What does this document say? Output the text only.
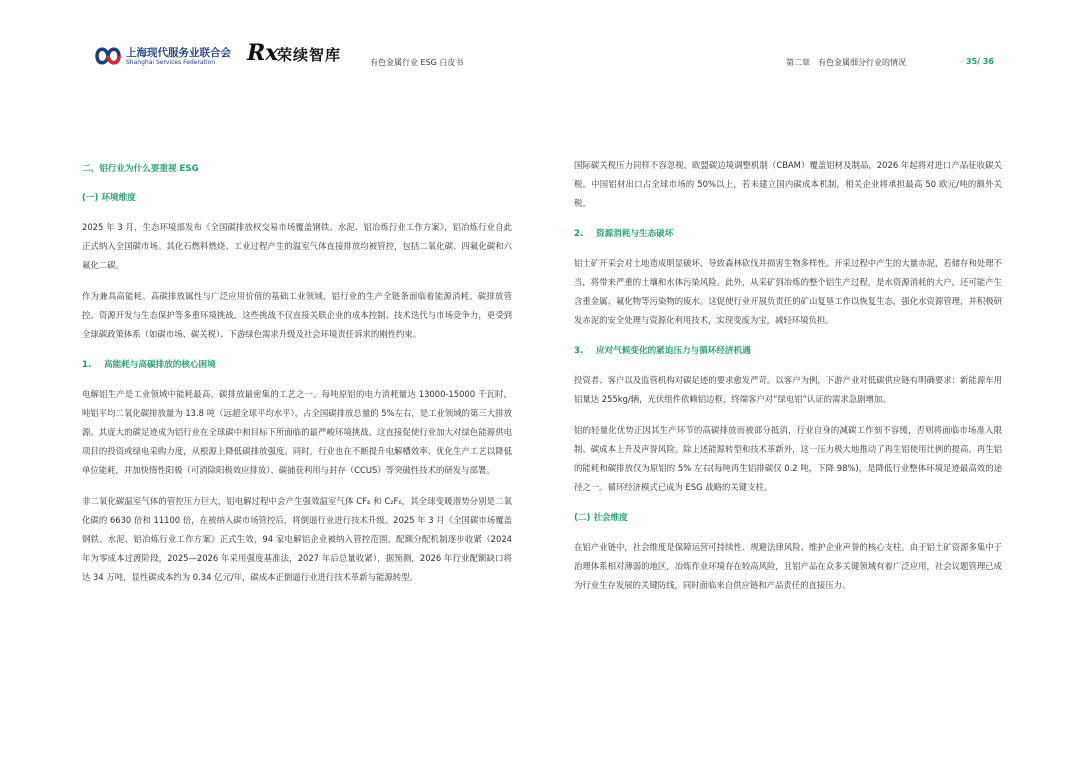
上海现代服务业联合会
Shanghai Services Federation Rx
荣续智库	有色金属行业 ESG 白皮书	第二章　有色金属细分行业的情况	35/ 36
二、铝行业为什么要重视 ESG
(一) 环境维度

2025 年 3 月，生态环境部发布《全国碳排放权交易市场覆盖钢铁、水泥、铝冶炼行业工作方案》，铝冶炼行业自此正式纳入全国碳市场。其化石燃料燃烧、工业过程产生的温室气体直接排放均被管控，包括二氧化碳、四氟化碳和六氟化二碳。

作为兼具高能耗、高碳排放属性与广泛应用价值的基础工业领域，铝行业的生产全链条面临着能源消耗、碳排放管控、资源开发与生态保护等多重环境挑战。这些挑战不仅直接关联企业的成本控制、技术迭代与市场竞争力，更受到全球碳政策体系（如碳市场、碳关税）、下游绿色需求升级及社会环境责任诉求的刚性约束。

1. 高能耗与高碳排放的核心困境

电解铝生产是工业领域中能耗最高、碳排放最密集的工艺之一。每吨原铝的电力消耗量达 13000-15000 千瓦时，吨铝平均二氧化碳排放量为 13.8 吨（远超全球平均水平），占全国碳排放总量的 5%左右，是工业领域的第三大排放源。其庞大的碳足迹成为铝行业在全球碳中和目标下所面临的最严峻环境挑战，这直接促使行业加大对绿色能源供电项目的投资或绿电采购力度，从根源上降低碳排放强度。同时，行业也在不断提升电解槽效率、优化生产工艺以降低单位能耗，并加快惰性阳极（可消除阳极效应排放）、碳捕获利用与封存（CCUS）等突破性技术的研发与部署。

非二氧化碳温室气体的管控压力巨大，铝电解过程中会产生强效温室气体 CF₄ 和 C₂F₆，其全球变暖潜势分别是二氧化碳的 6630 倍和 11100 倍，在被纳入碳市场管控后，将倒逼行业进行技术升级。2025 年 3 月《全国碳市场覆盖钢铁、水泥、铝冶炼行业工作方案》正式生效，94 家电解铝企业被纳入管控范围。配额分配机制逐步收紧（2024 年为零成本过渡阶段，2025—2026 年采用强度基准法，2027 年后总量收紧），据预测，2026 年行业配额缺口将达 34 万吨，显性碳成本约为 0.34 亿元/年，碳成本正倒逼行业进行技术革新与能源转型。

国际碳关税压力同样不容忽视，欧盟碳边境调整机制（CBAM）覆盖铝材及制品，2026 年起将对进口产品征收碳关税。中国铝材出口占全球市场的 50%以上，若未建立国内碳成本机制，相关企业将承担最高 50 欧元/吨的额外关税。

2. 资源消耗与生态破坏

铝土矿开采会对土地造成明显破坏、导致森林砍伐并损害生物多样性。开采过程中产生的大量赤泥，若储存和处理不当，将带来严重的土壤和水体污染风险。此外，从采矿到冶炼的整个铝生产过程，是水资源消耗的大户，还可能产生含重金属、氟化物等污染物的废水。这促使行业开展负责任的矿山复垦工作以恢复生态，强化水资源管理，并积极研发赤泥的安全处理与资源化利用技术，实现变废为宝，减轻环境负担。

3. 应对气候变化的紧迫压力与循环经济机遇

投资者、客户以及监管机构对碳足迹的要求愈发严苛。以客户为例，下游产业对低碳供应链有明确要求：新能源车用铝量达 255kg/辆，光伏组件依赖铝边框，终端客户对“绿电铝”认证的需求急剧增加。

铝的轻量化优势正因其生产环节的高碳排放而被部分抵消，行业自身的减碳工作刻不容缓，否则将面临市场准入限制、碳成本上升及声誉风险。除上述能源转型和技术革新外，这一压力极大地推动了再生铝使用比例的提高。再生铝的能耗和碳排放仅为原铝的 5% 左右(每吨再生铝排碳仅 0.2 吨，下降 98%)，是降低行业整体环境足迹最高效的途径之一。循环经济模式已成为 ESG 战略的关键支柱。

(二) 社会维度

在铝产业链中，社会维度是保障运营可持续性、规避法律风险、维护企业声誉的核心支柱。由于铝土矿资源多集中于治理体系相对薄弱的地区，冶炼作业环境存在较高风险，且铝产品在众多关键领域有着广泛应用，社会议题管理已成为行业生存发展的关键防线，同时面临来自供应链和产品责任的直接压力。
